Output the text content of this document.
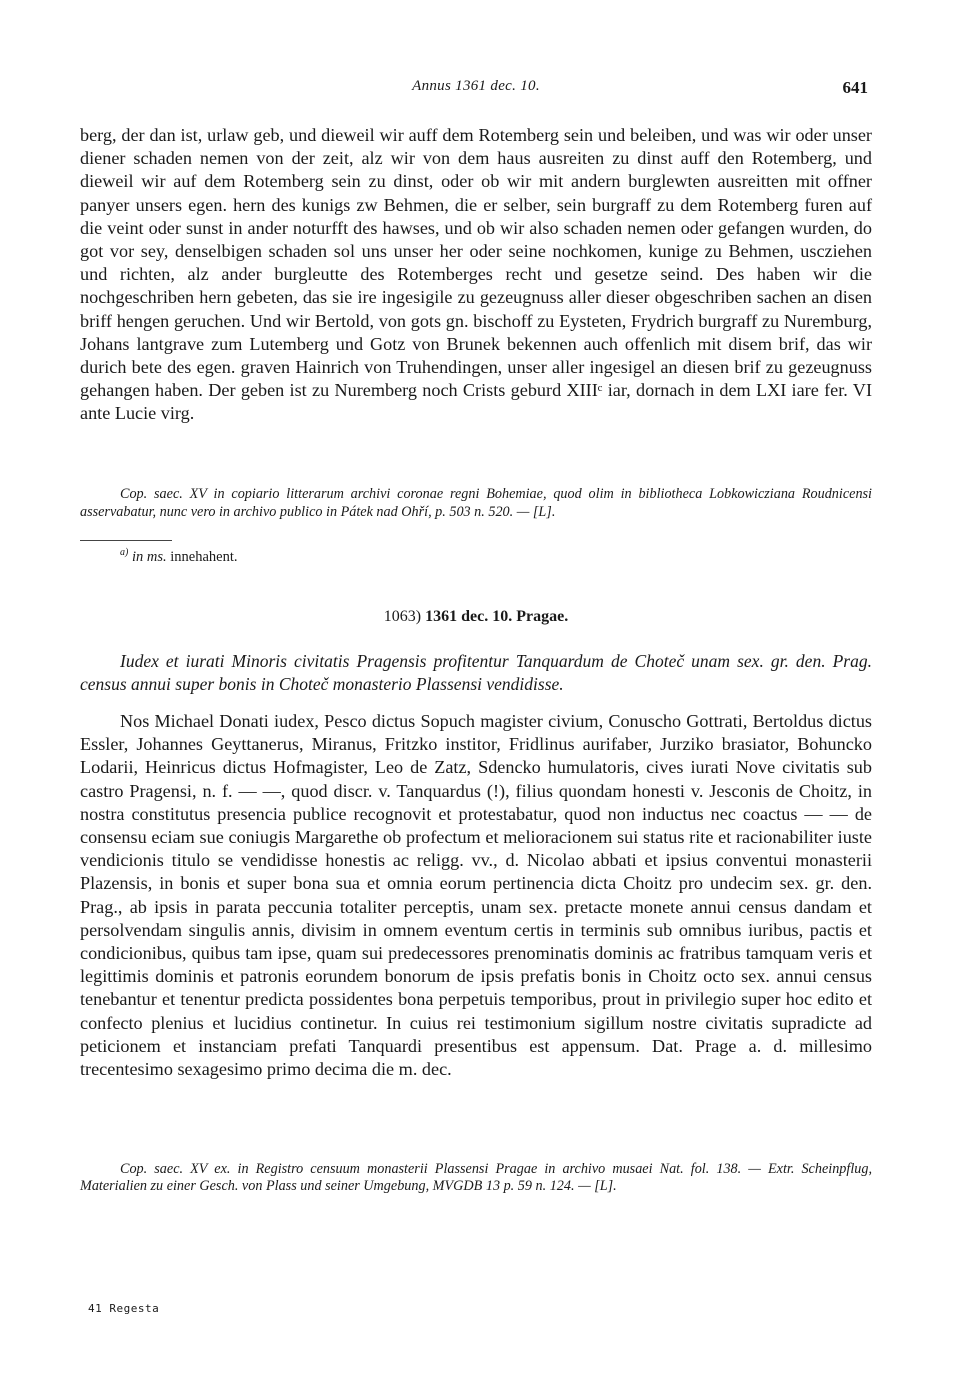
Annus 1361 dec. 10.	641

berg, der dan ist, urlaw geb, und dieweil wir auff dem Rotemberg sein und beleiben, und was wir oder unser diener schaden nemen von der zeit, alz wir von dem haus ausreiten zu dinst auff den Rotemberg, und dieweil wir auf dem Rotemberg sein zu dinst, oder ob wir mit andern burglewten ausreitten mit offner panyer unsers egen. hern des kunigs zw Behmen, die er selber, sein burgraff zu dem Rotemberg furen auf die veint oder sunst in ander noturfft des hawses, und ob wir also schaden nemen oder gefangen wurden, do got vor sey, denselbigen schaden sol uns unser her oder seine nochkomen, kunige zu Behmen, uscziehen und richten, alz ander burgleutte des Rotemberges recht und gesetze seind. Des haben wir die nochgeschriben hern gebeten, das sie ire ingesigile zu gezeugnuss aller dieser obgeschriben sachen an disen briff hengen geruchen. Und wir Bertold, von gots gn. bischoff zu Eysteten, Frydrich burgraff zu Nuremburg, Johans lantgrave zum Lutemberg und Gotz von Brunek bekennen auch offenlich mit disem brif, das wir durich bete des egen. graven Hainrich von Truhendingen, unser aller ingesigel an diesen brif zu gezeugnuss gehangen haben. Der geben ist zu Nuremberg noch Crists geburd XIIIᶜ iar, dornach in dem LXI iare fer. VI ante Lucie virg.

Cop. saec. XV in copiario litterarum archivi coronae regni Bohemiae, quod olim in bibliotheca Lobkowicziana Roudnicensi asservabatur, nunc vero in archivo publico in Pátek nad Ohří, p. 503 n. 520. — [L].

$^{a)}$ in ms. innehahent.
1063) 1361 dec. 10. Pragae.

Iudex et iurati Minoris civitatis Pragensis profitentur Tanquardum de Choteč unam sex. gr. den. Prag. census annui super bonis in Choteč monasterio Plassensi vendidisse.

Nos Michael Donati iudex, Pesco dictus Sopuch magister civium, Conuscho Gottrati, Bertoldus dictus Essler, Johannes Geyttanerus, Miranus, Fritzko institor, Fridlinus aurifaber, Jurziko brasiator, Bohuncko Lodarii, Heinricus dictus Hofmagister, Leo de Zatz, Sdencko humulatoris, cives iurati Nove civitatis sub castro Pragensi, n. f. — —, quod discr. v. Tanquardus (!), filius quondam honesti v. Jesconis de Choitz, in nostra constitutus presencia publice recognovit et protestabatur, quod non inductus nec coactus — — de consensu eciam sue coniugis Margarethe ob profectum et melioracionem sui status rite et racionabiliter iuste vendicionis titulo se vendidisse honestis ac religg. vv., d. Nicolao abbati et ipsius conventui monasterii Plazensis, in bonis et super bona sua et omnia eorum pertinencia dicta Choitz pro undecim sex. gr. den. Prag., ab ipsis in parata peccunia totaliter perceptis, unam sex. pretacte monete annui census dandam et persolvendam singulis annis, divisim in omnem eventum certis in terminis sub omnibus iuribus, pactis et condicionibus, quibus tam ipse, quam sui predecessores prenominatis dominis ac fratribus tamquam veris et legittimis dominis et patronis eorundem bonorum de ipsis prefatis bonis in Choitz octo sex. annui census tenebantur et tenentur predicta possidentes bona perpetuis temporibus, prout in privilegio super hoc edito et confecto plenius et lucidius continetur. In cuius rei testimonium sigillum nostre civitatis supradicte ad peticionem et instanciam prefati Tanquardi presentibus est appensum. Dat. Prage a. d. millesimo trecentesimo sexagesimo primo decima die m. dec.

Cop. saec. XV ex. in Registro censuum monasterii Plassensi Pragae in archivo musaei Nat. fol. 138. — Extr. Scheinpflug, Materialien zu einer Gesch. von Plass und seiner Umgebung, MVGDB 13 p. 59 n. 124. — [L].

41 Regesta
